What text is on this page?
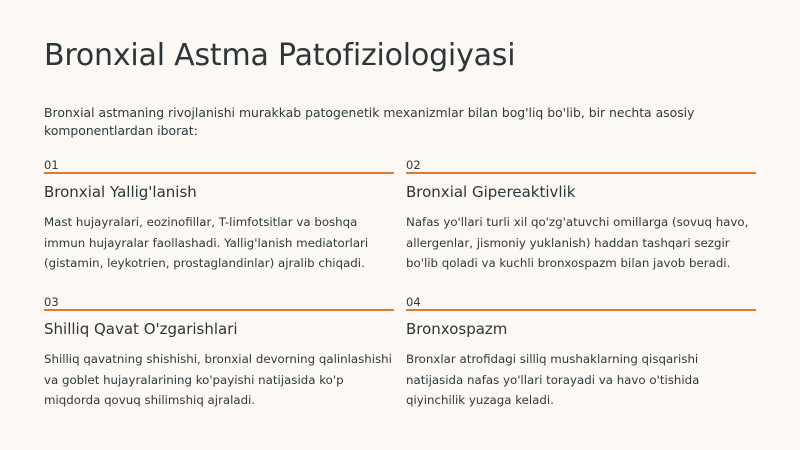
Bronxial Astma Patofiziologiyasi

Bronxial astmaning rivojlanishi murakkab patogenetik mexanizmlar bilan bog'liq bo'lib, bir nechta asosiy komponentlardan iborat:

01
Bronxial Yallig'lanish

Mast hujayralari, eozinofillar, T-limfotsitlar va boshqa immun hujayralar faollashadi. Yallig'lanish mediatorlari (gistamin, leykotrien, prostaglandinlar) ajralib chiqadi.

02
Bronxial Gipereaktivlik

Nafas yo'llari turli xil qo'zg'atuvchi omillarga (sovuq havo, allergenlar, jismoniy yuklanish) haddan tashqari sezgir bo'lib qoladi va kuchli bronxospazm bilan javob beradi.

03
Shilliq Qavat O'zgarishlari

Shilliq qavatning shishishi, bronxial devorning qalinlashishi va goblet hujayralarining ko'payishi natijasida ko'p miqdorda qovuq shilimshiq ajraladi.

04
Bronxospazm

Bronxlar atrofidagi silliq mushaklarning qisqarishi natijasida nafas yo'llari torayadi va havo o'tishida qiyinchilik yuzaga keladi.
